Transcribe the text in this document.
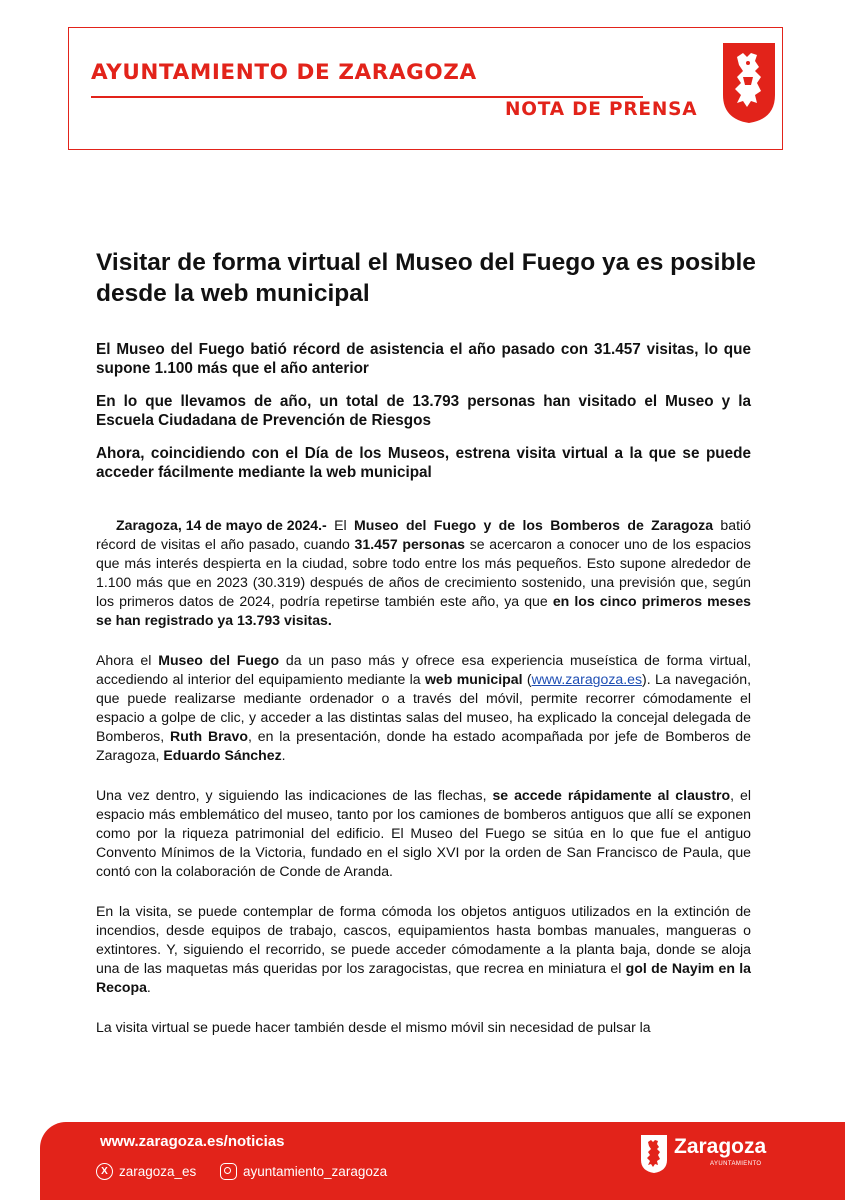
AYUNTAMIENTO DE ZARAGOZA
NOTA DE PRENSA
Visitar de forma virtual el Museo del Fuego ya es posible desde la web municipal

El Museo del Fuego batió récord de asistencia el año pasado con 31.457 visitas, lo que supone 1.100 más que el año anterior

En lo que llevamos de año, un total de 13.793 personas han visitado el Museo y la Escuela Ciudadana de Prevención de Riesgos

Ahora, coincidiendo con el Día de los Museos, estrena visita virtual a la que se puede acceder fácilmente mediante la web municipal

Zaragoza, 14 de mayo de 2024.- El Museo del Fuego y de los Bomberos de Zaragoza batió récord de visitas el año pasado, cuando 31.457 personas se acercaron a conocer uno de los espacios que más interés despierta en la ciudad, sobre todo entre los más pequeños. Esto supone alrededor de 1.100 más que en 2023 (30.319) después de años de crecimiento sostenido, una previsión que, según los primeros datos de 2024, podría repetirse también este año, ya que en los cinco primeros meses se han registrado ya 13.793 visitas.

Ahora el Museo del Fuego da un paso más y ofrece esa experiencia museística de forma virtual, accediendo al interior del equipamiento mediante la web municipal (www.zaragoza.es). La navegación, que puede realizarse mediante ordenador o a través del móvil, permite recorrer cómodamente el espacio a golpe de clic, y acceder a las distintas salas del museo, ha explicado la concejal delegada de Bomberos, Ruth Bravo, en la presentación, donde ha estado acompañada por jefe de Bomberos de Zaragoza, Eduardo Sánchez.

Una vez dentro, y siguiendo las indicaciones de las flechas, se accede rápidamente al claustro, el espacio más emblemático del museo, tanto por los camiones de bomberos antiguos que allí se exponen como por la riqueza patrimonial del edificio. El Museo del Fuego se sitúa en lo que fue el antiguo Convento Mínimos de la Victoria, fundado en el siglo XVI por la orden de San Francisco de Paula, que contó con la colaboración de Conde de Aranda.

En la visita, se puede contemplar de forma cómoda los objetos antiguos utilizados en la extinción de incendios, desde equipos de trabajo, cascos, equipamientos hasta bombas manuales, mangueras o extintores. Y, siguiendo el recorrido, se puede acceder cómodamente a la planta baja, donde se aloja una de las maquetas más queridas por los zaragocistas, que recrea en miniatura el gol de Nayim en la Recopa.

La visita virtual se puede hacer también desde el mismo móvil sin necesidad de pulsar la

www.zaragoza.es/noticias

X zaragoza_es	ayuntamiento_zaragoza

Zaragoza

AYUNTAMIENTO
